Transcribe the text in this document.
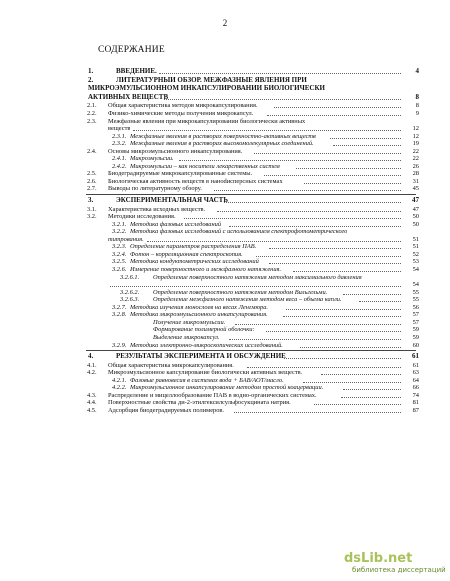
2
СОДЕРЖАНИЕ
1.	ВВЕДЕНИЕ.	4
2.	ЛИТЕРАТУРНЫЙ ОБЗОР. МЕЖФАЗНЫЕ ЯВЛЕНИЯ ПРИ
МИКРОЭМУЛЬСИОННОМ ИНКАПСУЛИРОВАНИИ БИОЛОГИЧЕСКИ
АКТИВНЫХ ВЕЩЕСТВ	8
2.1. Общая характеристика методов микрокапсулирования.	8
2.2. Физико-химические методы получения микрокапсул.	9
2.3. Межфазные явления при микрокапсулировании биологически активных
веществ	12
2.3.1. Межфазные явления в растворах поверхностно-активных веществ	12
2.3.2. Межфазные явления в растворах высокомолекулярных соединений.	19
2.4. Основы микроэмульсионного инкапсулирования.	22
2.4.1. Микроэмульсии.	22
2.4.2. Микроэмульсии – как носители лекарственных систем	26
2.5. Биодеградируемые микрокапсулированные системы.	28
2.6. Биологическая активность веществ в наноdисперсных системах	31
2.7. Выводы по литературному обзору.	45
3.	ЭКСПЕРИМЕНТАЛЬНАЯ ЧАСТЬ	47
3.1. Характеристика исходных веществ.	47
3.2. Методики исследования.	50
3.2.1. Методика фазовых исследований	50
3.2.2. Методика фазовых исследований с использованием спектрофотометрического
титрования.	51
3.2.3. Определение параметров распределения ПАВ.	51
3.2.4. Фотон – корреляционная спектроскопия.	52
3.2.5. Методика кондуктометрических исследований	53
3.2.6. Измерение поверхностного и межфазного натяжения.	54
3.2.6.1. Определение поверхностного натяжения методом максимального давления
54
3.2.6.2. Определение поверхностного натяжения методом Вильгельми.	55
3.2.6.3. Определение межфазного натяжения методом веса – объема капли.	55
3.2.7. Методика изучения монослоев на весах Ленгмюра.	56
3.2.8. Методика микроэмульсионного инкапсулирования.	57
Получение микроэмульсии.	57
Формирование полимерной оболочки:	59
Выделение микрокапсул.	59
3.2.9. Методика электронно-микроскопических исследований.	60
4.	РЕЗУЛЬТАТЫ ЭКСПЕРИМЕНТА И ОБСУЖДЕНИЕ	61
4.1. Общая характеристика микрокапсулирования.	61
4.2. Микроэмульсионное капсулирование биологически активных веществ.	63
4.2.1. Фазовые равновесия в системах вода + БАВ/АОТ/масло.	64
4.2.2. Микроэмульсионное инкапсулирование методом простой коацервации.	66
4.3. Распределение и мицеллообразование ПАВ в водно-органических системах.	74
4.4. Поверхностные свойства ди-2-этилгексилсульфосукцината натрия.	81
4.5. Адсорбция биодеградируемых полимеров.	87
dsLib.net
библиотека диссертаций
